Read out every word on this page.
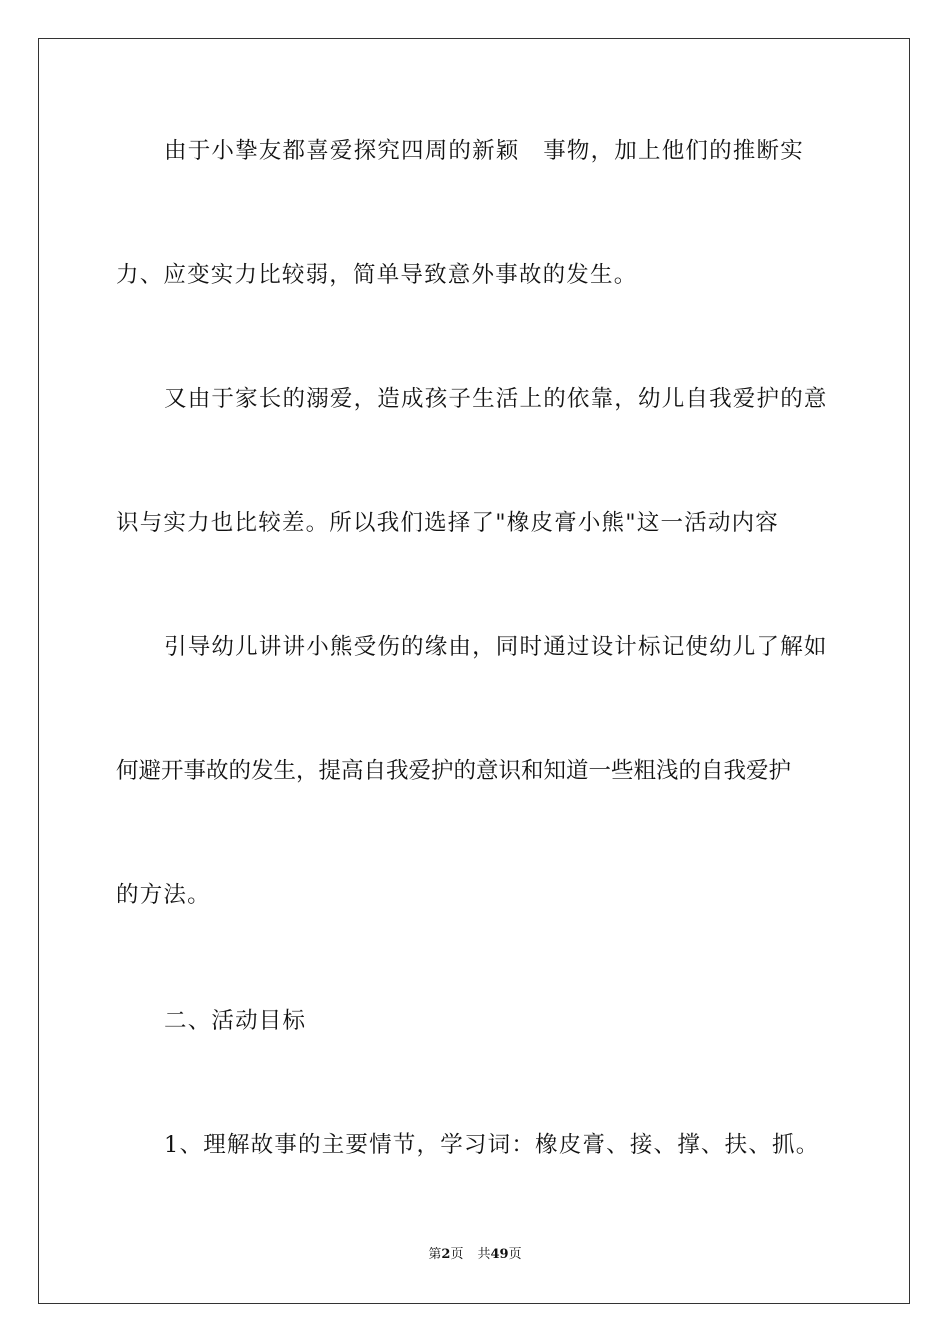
由于小挚友都喜爱探究四周的新颖　事物，加上他们的推断实
力、应变实力比较弱，简单导致意外事故的发生。
又由于家长的溺爱，造成孩子生活上的依靠，幼儿自我爱护的意
识与实力也比较差。所以我们选择了"橡皮膏小熊"这一活动内容
引导幼儿讲讲小熊受伤的缘由，同时通过设计标记使幼儿了解如
何避开事故的发生，提高自我爱护的意识和知道一些粗浅的自我爱护
的方法。
二、活动目标
1、理解故事的主要情节，学习词：橡皮膏、接、撑、扶、抓。
第2页 共49页
